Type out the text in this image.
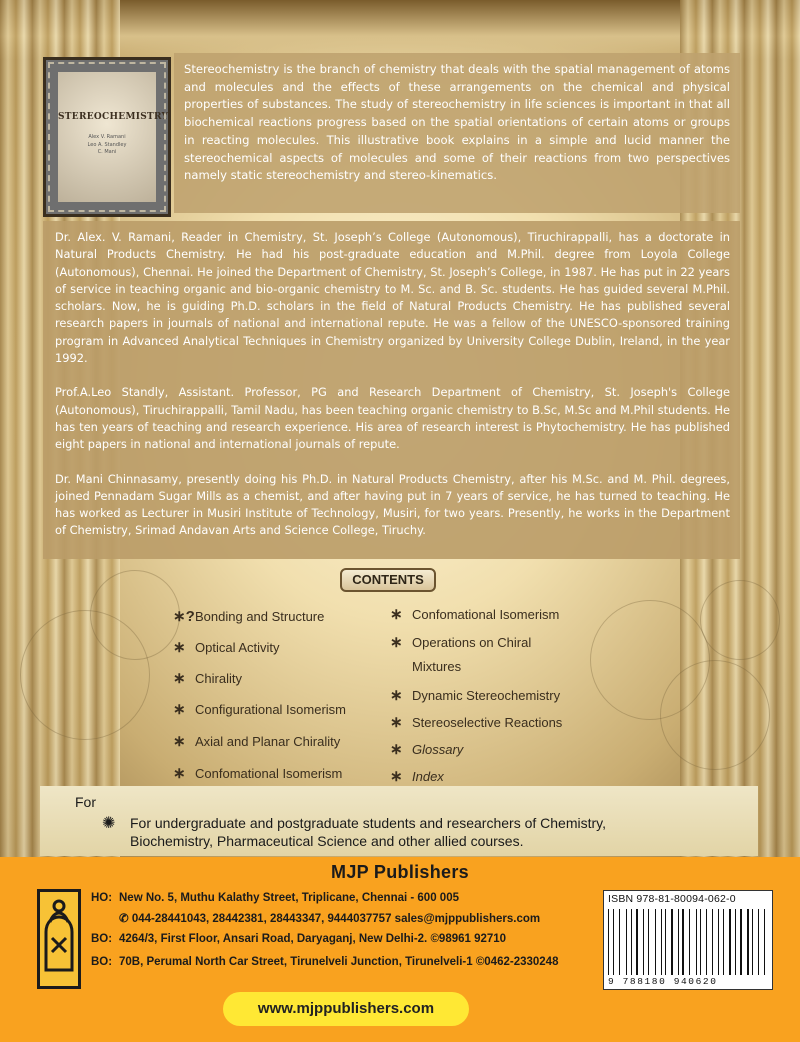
STEREOCHEMISTRY
Alex V. Ramani
Leo A. Standley
C. Mani

Stereochemistry is the branch of chemistry that deals with the spatial management of atoms and molecules and the effects of these arrangements on the chemical and physical properties of substances. The study of stereochemistry in life sciences is important in that all biochemical reactions progress based on the spatial orientations of certain atoms or groups in reacting molecules. This illustrative book explains in a simple and lucid manner the stereochemical aspects of molecules and some of their reactions from two perspectives namely static stereochemistry and stereo-kinematics.

Dr. Alex. V. Ramani, Reader in Chemistry, St. Joseph’s College (Autonomous), Tiruchirappalli, has a doctorate in Natural Products Chemistry. He had his post-graduate education and M.Phil. degree from Loyola College (Autonomous), Chennai. He joined the Department of Chemistry, St. Joseph’s College, in 1987. He has put in 22 years of service in teaching organic and bio-organic chemistry to M. Sc. and B. Sc. students. He has guided several M.Phil. scholars. Now, he is guiding Ph.D. scholars in the field of Natural Products Chemistry. He has published several research papers in journals of national and international repute. He was a fellow of the UNESCO-sponsored training program in Advanced Analytical Techniques in Chemistry organized by University College Dublin, Ireland, in the year 1992.

Prof.A.Leo Standly, Assistant. Professor, PG and Research Department of Chemistry, St. Joseph's College (Autonomous), Tiruchirappalli, Tamil Nadu, has been teaching organic chemistry to B.Sc, M.Sc and M.Phil students. He has ten years of teaching and research experience. His area of research interest is Phytochemistry. He has published eight papers in national and international journals of repute.

Dr. Mani Chinnasamy, presently doing his Ph.D. in Natural Products Chemistry, after his M.Sc. and M. Phil. degrees, joined Pennadam Sugar Mills as a chemist, and after having put in 7 years of service, he has turned to teaching. He has worked as Lecturer in Musiri Institute of Technology, Musiri, for two years. Presently, he works in the Department of Chemistry, Srimad Andavan Arts and Science College, Tiruchy.

CONTENTS
∗?Bonding and Structure
∗ Optical Activity
∗ Chirality
∗ Configurational Isomerism
∗ Axial and Planar Chirality
∗ Confomational Isomerism
∗ Confomational Isomerism
∗ Operations on Chiral
Mixtures
∗ Dynamic Stereochemistry
∗ Stereoselective Reactions
∗ Glossary
∗ Index
For
✺ For undergraduate and postgraduate students and researchers of Chemistry,
Biochemistry, Pharmaceutical Science and other allied courses.
MJP Publishers
HO: New No. 5, Muthu Kalathy Street, Triplicane, Chennai - 600 005
✆ 044-28441043, 28442381, 28443347, 9444037757 sales@mjppublishers.com
BO: 4264/3, First Floor, Ansari Road, Daryaganj, New Delhi-2. ©98961 92710
BO: 70B, Perumal North Car Street, Tirunelveli Junction, Tirunelveli-1 ©0462-2330248
ISBN 978-81-80094-062-0
9 788180 940620
www.mjppublishers.com
